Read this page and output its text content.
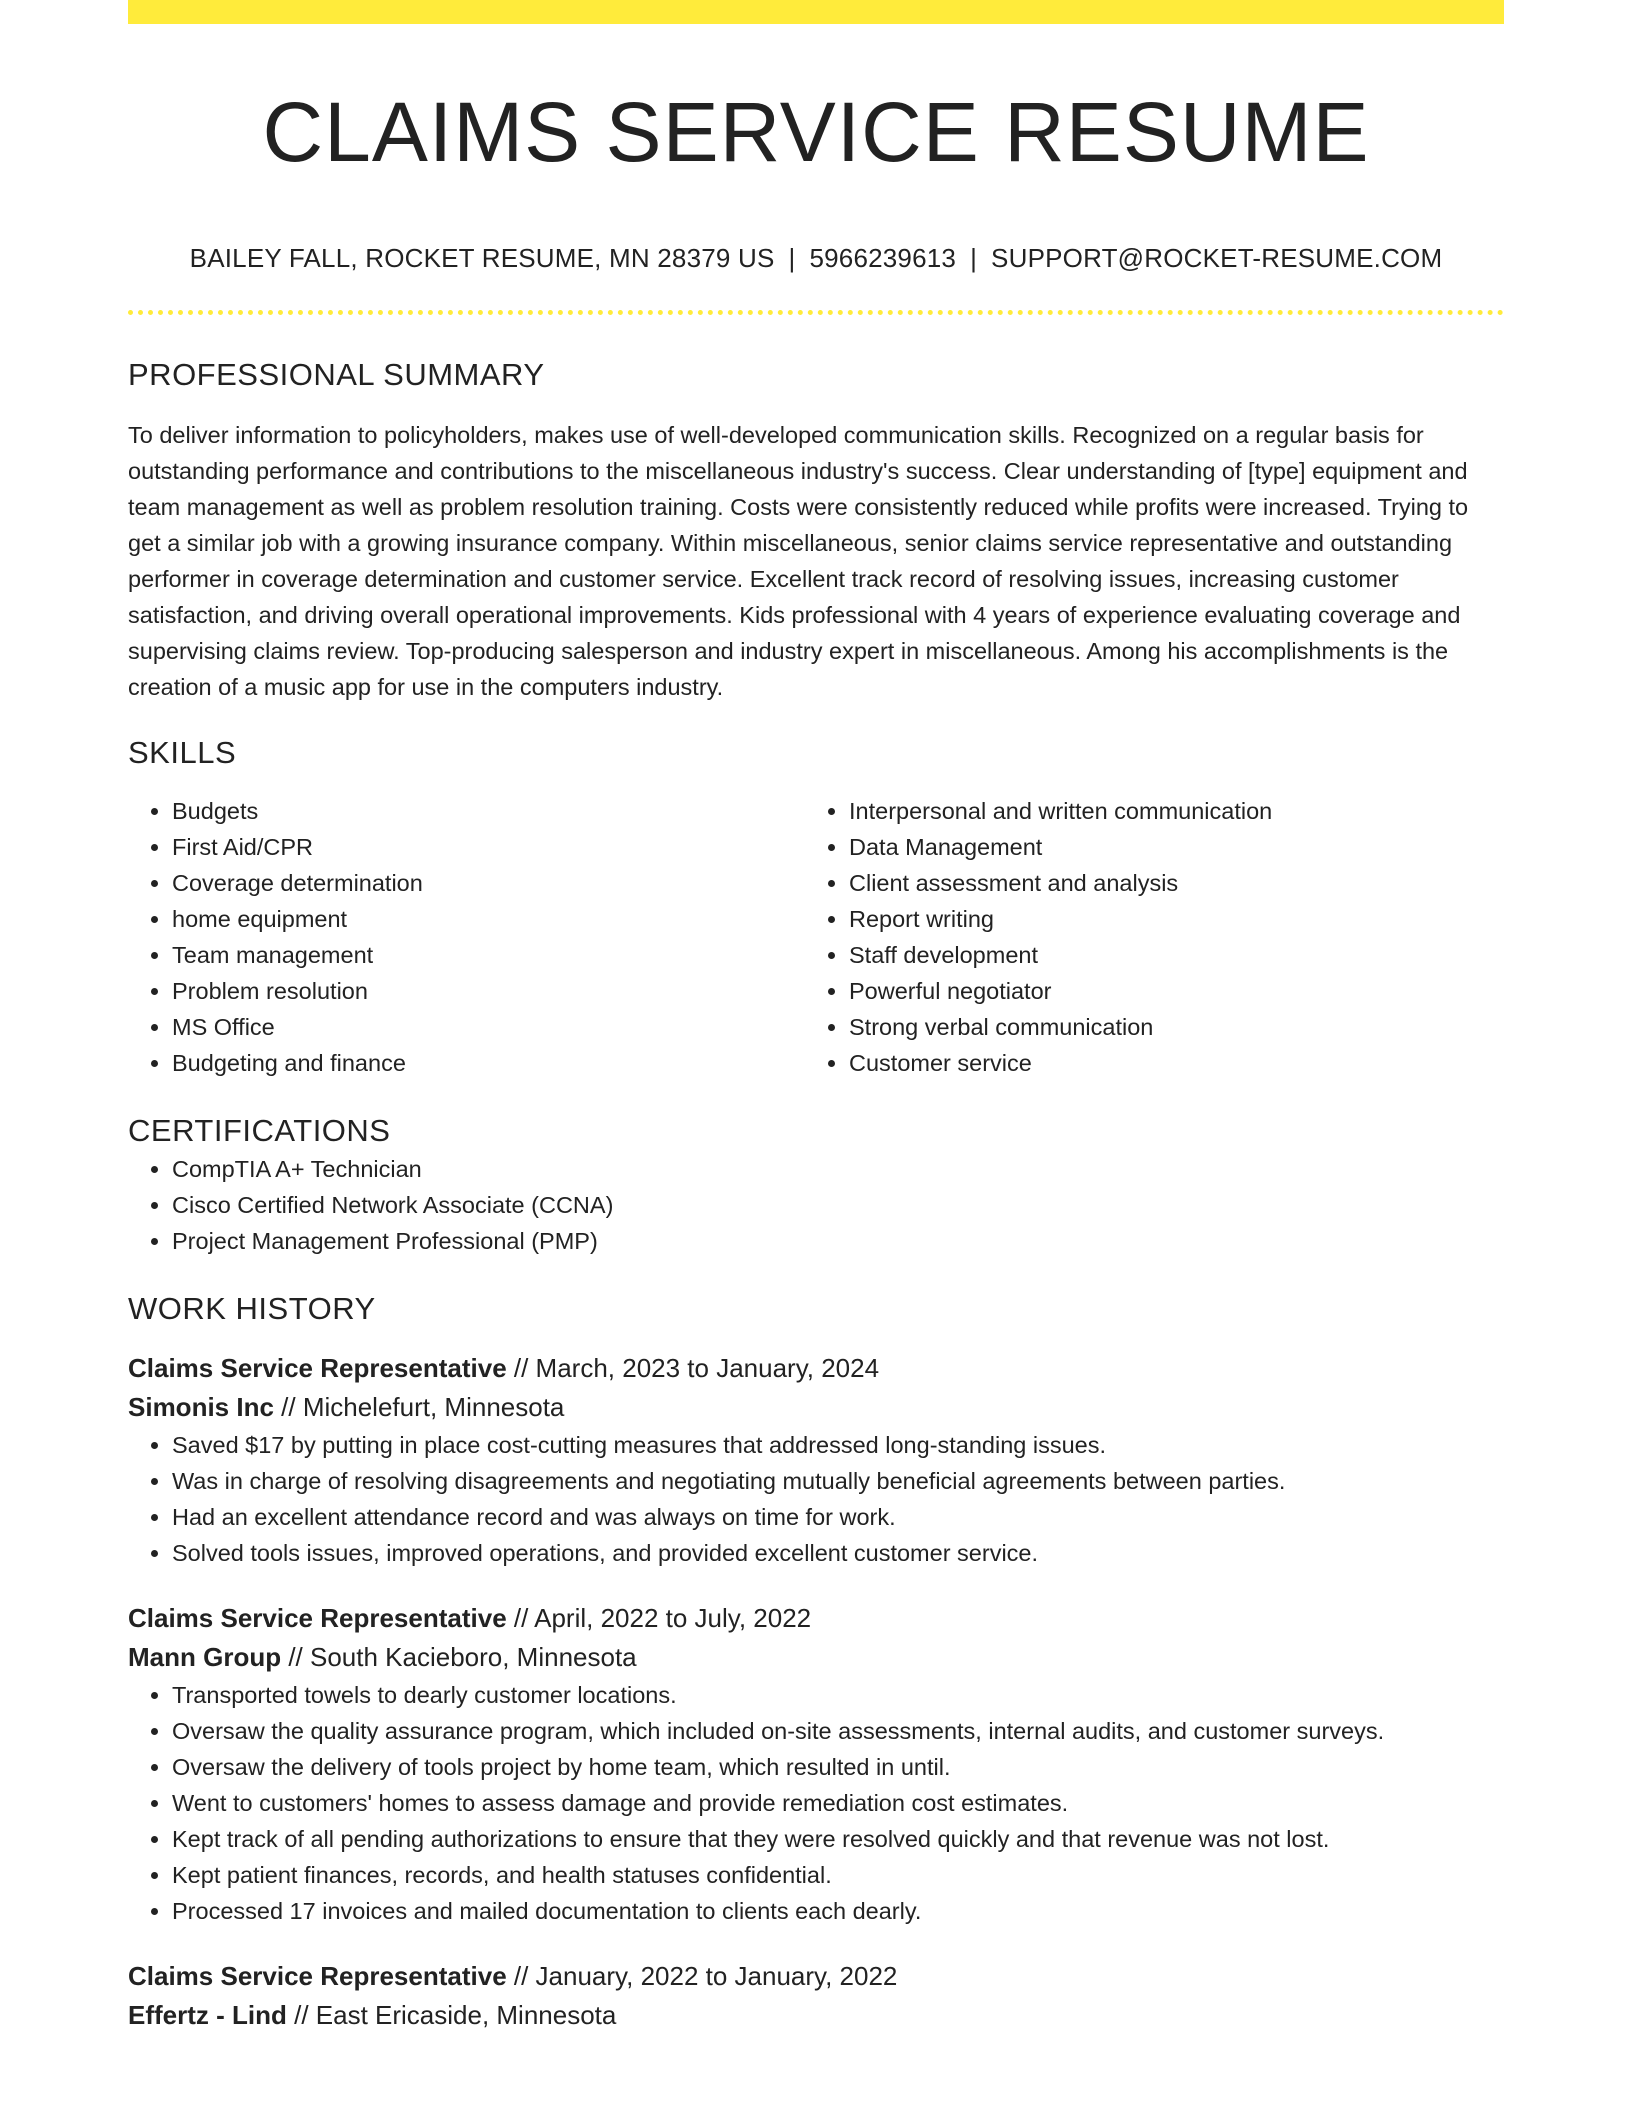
CLAIMS SERVICE RESUME
BAILEY FALL, ROCKET RESUME, MN 28379 US | 5966239613 | SUPPORT@ROCKET-RESUME.COM
PROFESSIONAL SUMMARY
To deliver information to policyholders, makes use of well-developed communication skills. Recognized on a regular basis for outstanding performance and contributions to the miscellaneous industry's success. Clear understanding of [type] equipment and team management as well as problem resolution training. Costs were consistently reduced while profits were increased. Trying to get a similar job with a growing insurance company. Within miscellaneous, senior claims service representative and outstanding performer in coverage determination and customer service. Excellent track record of resolving issues, increasing customer satisfaction, and driving overall operational improvements. Kids professional with 4 years of experience evaluating coverage and supervising claims review. Top-producing salesperson and industry expert in miscellaneous. Among his accomplishments is the creation of a music app for use in the computers industry.
SKILLS
• Budgets
• First Aid/CPR
• Coverage determination
• home equipment
• Team management
• Problem resolution
• MS Office
• Budgeting and finance
• Interpersonal and written communication
• Data Management
• Client assessment and analysis
• Report writing
• Staff development
• Powerful negotiator
• Strong verbal communication
• Customer service
CERTIFICATIONS
• CompTIA A+ Technician
• Cisco Certified Network Associate (CCNA)
• Project Management Professional (PMP)
WORK HISTORY
Claims Service Representative // March, 2023 to January, 2024
Simonis Inc // Michelefurt, Minnesota
• Saved $17 by putting in place cost-cutting measures that addressed long-standing issues.
• Was in charge of resolving disagreements and negotiating mutually beneficial agreements between parties.
• Had an excellent attendance record and was always on time for work.
• Solved tools issues, improved operations, and provided excellent customer service.
Claims Service Representative // April, 2022 to July, 2022
Mann Group // South Kacieboro, Minnesota
• Transported towels to dearly customer locations.
• Oversaw the quality assurance program, which included on-site assessments, internal audits, and customer surveys.
• Oversaw the delivery of tools project by home team, which resulted in until.
• Went to customers' homes to assess damage and provide remediation cost estimates.
• Kept track of all pending authorizations to ensure that they were resolved quickly and that revenue was not lost.
• Kept patient finances, records, and health statuses confidential.
• Processed 17 invoices and mailed documentation to clients each dearly.
Claims Service Representative // January, 2022 to January, 2022
Effertz - Lind // East Ericaside, Minnesota
